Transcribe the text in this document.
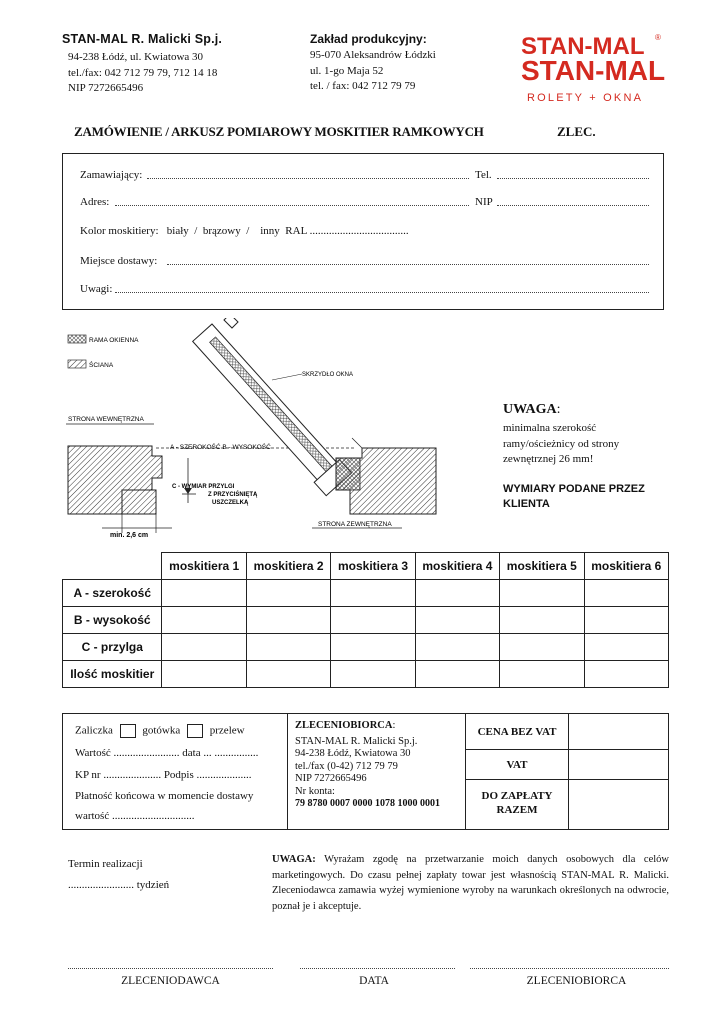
STAN-MAL R. Malicki Sp.j.
94-238 Łódź, ul. Kwiatowa 30
tel./fax: 042 712 79 79, 712 14 18
NIP 7272665496
Zakład produkcyjny:
95-070 Aleksandrów Łódzki
ul. 1-go Maja 52
tel. / fax: 042 712 79 79
STAN-MAL
STAN-MAL
®
ROLETY + OKNA
ZAMÓWIENIE / ARKUSZ POMIAROWY MOSKITIER RAMKOWYCH	ZLEC.
Zamawiający:	Tel.
Adres:	NIP
Kolor moskitiery:   biały  /  brązowy  /    inny  RAL ....................................
Miejsce dostawy:
Uwagi:
RAMA OKIENNA
ŚCIANA
STRONA WEWNĘTRZNA
min. 2,6 cm
A - SZEROKOŚĆ B - WYSOKOŚĆ
C - WYMIAR PRZYLGI
Z PRZYCIŚNIĘTĄ
USZCZELKĄ
SKRZYDŁO OKNA
STRONA ZEWNĘTRZNA
UWAGA:
minimalna szerokość
ramy/ościeżnicy od strony
zewnętrznej 26 mm!
WYMIARY PODANE PRZEZ
KLIENTA
	moskitiera 1	moskitiera 2	moskitiera 3	moskitiera 4	moskitiera 5	moskitiera 6
A - szerokość						
B - wysokość						
C - przylga						
Ilość moskitier						
Zaliczka	gotówka	przelew
Wartość ........................ data ... ................
KP nr ..................... Podpis ....................
Płatność końcowa w momencie dostawy
wartość ..............................
ZLECENIOBIORCA:
STAN-MAL R. Malicki Sp.j.
94-238 Łódź, Kwiatowa 30
tel./fax (0-42) 712 79 79
NIP 7272665496
Nr konta:
79 8780 0007 0000 1078 1000 0001
CENA BEZ VAT
VAT
DO ZAPŁATY
RAZEM
Termin realizacji
........................ tydzień
UWAGA: Wyrażam zgodę na przetwarzanie moich danych osobowych dla celów marketingowych. Do czasu pełnej zapłaty towar jest własnością STAN-MAL R. Malicki. Zleceniodawca zamawia wyżej wymienione wyroby na warunkach określonych na odwrocie, poznał je i akceptuje.
ZLECENIODAWCA	DATA	ZLECENIOBIORCA
